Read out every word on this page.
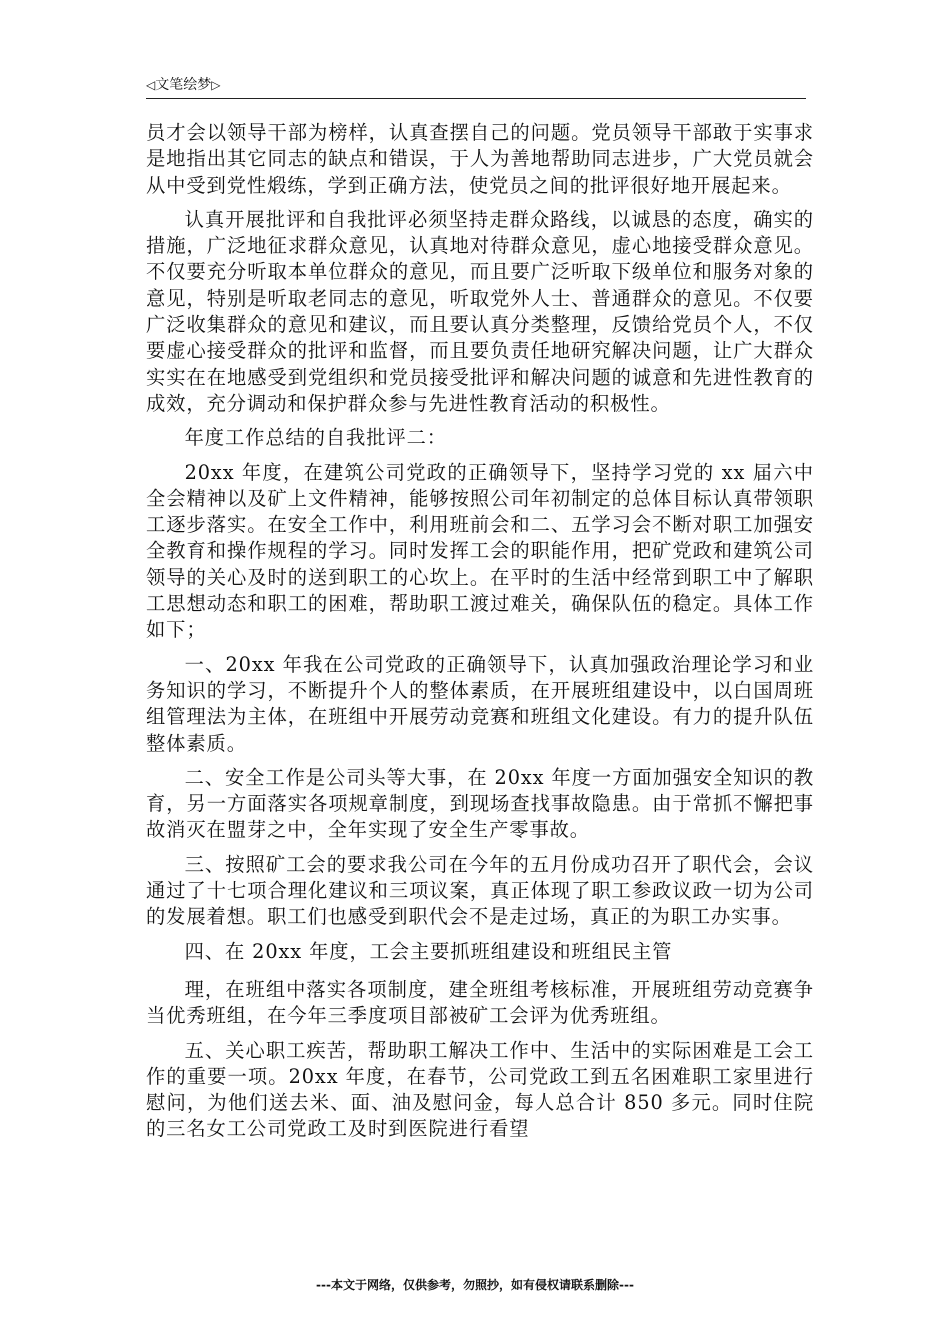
◁文笔绘梦▷

员才会以领导干部为榜样，认真查摆自己的问题。党员领导干部敢于实事求是地指出其它同志的缺点和错误，于人为善地帮助同志进步，广大党员就会从中受到党性煅练，学到正确方法，使党员之间的批评很好地开展起来。

认真开展批评和自我批评必须坚持走群众路线，以诚恳的态度，确实的措施，广泛地征求群众意见，认真地对待群众意见，虚心地接受群众意见。不仅要充分听取本单位群众的意见，而且要广泛听取下级单位和服务对象的意见，特别是听取老同志的意见，听取党外人士、普通群众的意见。不仅要广泛收集群众的意见和建议，而且要认真分类整理，反馈给党员个人，不仅要虚心接受群众的批评和监督，而且要负责任地研究解决问题，让广大群众实实在在地感受到党组织和党员接受批评和解决问题的诚意和先进性教育的成效，充分调动和保护群众参与先进性教育活动的积极性。

年度工作总结的自我批评二：

20xx 年度，在建筑公司党政的正确领导下，坚持学习党的 xx 届六中全会精神以及矿上文件精神，能够按照公司年初制定的总体目标认真带领职工逐步落实。在安全工作中，利用班前会和二、五学习会不断对职工加强安全教育和操作规程的学习。同时发挥工会的职能作用，把矿党政和建筑公司领导的关心及时的送到职工的心坎上。在平时的生活中经常到职工中了解职工思想动态和职工的困难，帮助职工渡过难关，确保队伍的稳定。具体工作如下；

一、20xx 年我在公司党政的正确领导下，认真加强政治理论学习和业务知识的学习，不断提升个人的整体素质，在开展班组建设中，以白国周班组管理法为主体，在班组中开展劳动竞赛和班组文化建设。有力的提升队伍整体素质。

二、安全工作是公司头等大事，在 20xx 年度一方面加强安全知识的教育，另一方面落实各项规章制度，到现场查找事故隐患。由于常抓不懈把事故消灭在盟芽之中，全年实现了安全生产零事故。

三、按照矿工会的要求我公司在今年的五月份成功召开了职代会，会议通过了十七项合理化建议和三项议案，真正体现了职工参政议政一切为公司的发展着想。职工们也感受到职代会不是走过场，真正的为职工办实事。

四、在 20xx 年度，工会主要抓班组建设和班组民主管

理，在班组中落实各项制度，建全班组考核标准，开展班组劳动竞赛争当优秀班组，在今年三季度项目部被矿工会评为优秀班组。

五、关心职工疾苦，帮助职工解决工作中、生活中的实际困难是工会工作的重要一项。20xx 年度，在春节，公司党政工到五名困难职工家里进行慰问，为他们送去米、面、油及慰问金，每人总合计 850 多元。同时住院的三名女工公司党政工及时到医院进行看望

---本文于网络，仅供参考，勿照抄，如有侵权请联系删除---
